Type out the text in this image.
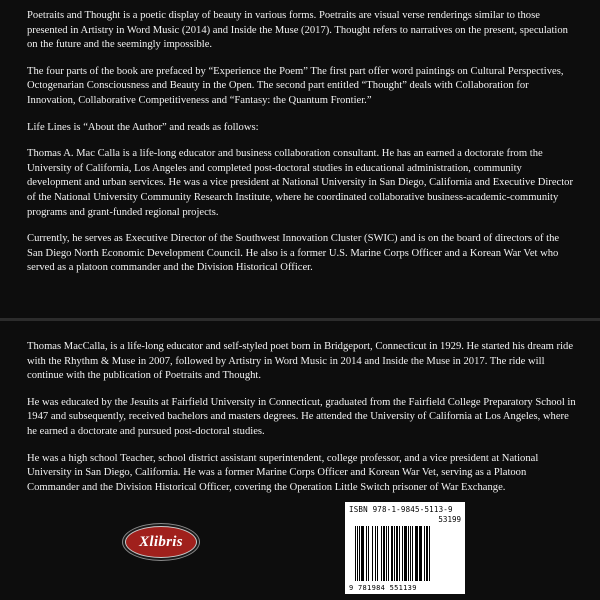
Poetraits and Thought is a poetic display of beauty in various forms. Poetraits are visual verse renderings similar to those presented in Artistry in Word Music (2014) and Inside the Muse (2017). Thought refers to narratives on the present, speculation on the future and the seemingly impossible.

The four parts of the book are prefaced by “Experience the Poem” The first part offer word paintings on Cultural Perspectives, Octogenarian Consciousness and Beauty in the Open. The second part entitled “Thought” deals with Collaboration for Innovation, Collaborative Competitiveness and “Fantasy: the Quantum Frontier.”

Life Lines is “About the Author” and reads as follows:

Thomas A. Mac Calla is a life-long educator and business collaboration consultant. He has an earned a doctorate from the University of California, Los Angeles and completed post-doctoral studies in educational administration, community development and urban services. He was a vice president at National University in San Diego, California and Executive Director of the National University Community Research Institute, where he coordinated collaborative business-academic-community programs and grant-funded regional projects.

Currently, he serves as Executive Director of the Southwest Innovation Cluster (SWIC) and is on the board of directors of the San Diego North Economic Development Council. He also is a former U.S. Marine Corps Officer and a Korean War Vet who served as a platoon commander and the Division Historical Officer.

Thomas MacCalla, is a life-long educator and self-styled poet born in Bridgeport, Connecticut in 1929. He started his dream ride with the Rhythm & Muse in 2007, followed by Artistry in Word Music in 2014 and Inside the Muse in 2017. The ride will continue with the publication of Poetraits and Thought.

He was educated by the Jesuits at Fairfield University in Connecticut, graduated from the Fairfield College Preparatory School in 1947 and subsequently, received bachelors and masters degrees. He attended the University of California at Los Angeles, where he earned a doctorate and pursued post-doctoral studies.

He was a high school Teacher, school district assistant superintendent, college professor, and a vice president at National University in San Diego, California. He was a former Marine Corps Officer and Korean War Vet, serving as a Platoon Commander and the Division Historical Officer, covering the Operation Little Switch prisoner of War Exchange.

Xlibris
ISBN 978-1-9845-5113-9
53199
9 781984 551139
